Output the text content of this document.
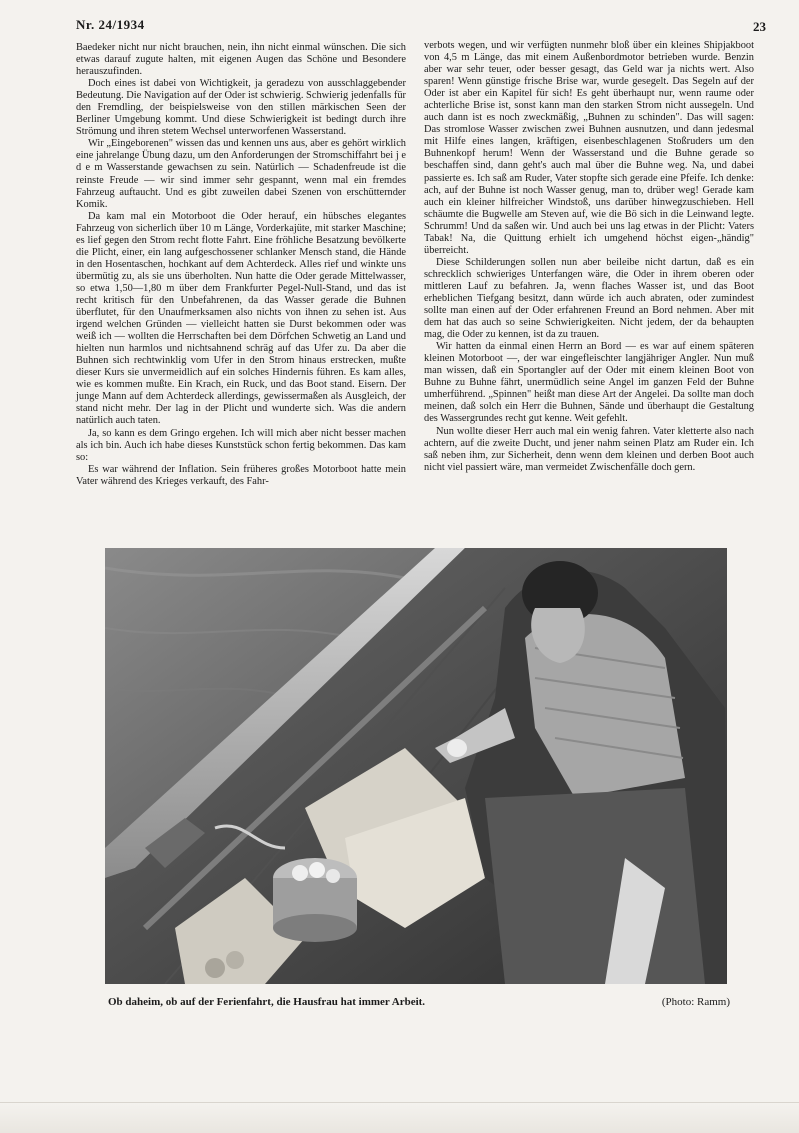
Nr. 24/1934	23

Baedeker nicht nur nicht brauchen, nein, ihn nicht einmal wünschen. Die sich etwas darauf zugute halten, mit eigenen Augen das Schöne und Besondere herauszufinden.

Doch eines ist dabei von Wichtigkeit, ja geradezu von ausschlaggebender Bedeutung. Die Navigation auf der Oder ist schwierig. Schwierig jedenfalls für den Fremdling, der beispielsweise von den stillen märkischen Seen der Berliner Umgebung kommt. Und diese Schwierigkeit ist bedingt durch ihre Strömung und ihren stetem Wechsel unterworfenen Wasserstand.

Wir „Eingeborenen" wissen das und kennen uns aus, aber es gehört wirklich eine jahrelange Übung dazu, um den Anforderungen der Stromschiffahrt bei j e d e m Wasserstande gewachsen zu sein. Natürlich — Schadenfreude ist die reinste Freude — wir sind immer sehr gespannt, wenn mal ein fremdes Fahrzeug auftaucht. Und es gibt zuweilen dabei Szenen von erschütternder Komik.

Da kam mal ein Motorboot die Oder herauf, ein hübsches elegantes Fahrzeug von sicherlich über 10 m Länge, Vorderkajüte, mit starker Maschine; es lief gegen den Strom recht flotte Fahrt. Eine fröhliche Besatzung bevölkerte die Plicht, einer, ein lang aufgeschossener schlanker Mensch stand, die Hände in den Hosentaschen, hochkant auf dem Achterdeck. Alles rief und winkte uns übermütig zu, als sie uns überholten. Nun hatte die Oder gerade Mittelwasser, so etwa 1,50—1,80 m über dem Frankfurter Pegel-Null-Stand, und das ist recht kritisch für den Unbefahrenen, da das Wasser gerade die Buhnen überflutet, für den Unaufmerksamen also nichts von ihnen zu sehen ist. Aus irgend welchen Gründen — vielleicht hatten sie Durst bekommen oder was weiß ich — wollten die Herrschaften bei dem Dörfchen Schwetig an Land und hielten nun harmlos und nichtsahnend schräg auf das Ufer zu. Da aber die Buhnen sich rechtwinklig vom Ufer in den Strom hinaus erstrecken, mußte dieser Kurs sie unvermeidlich auf ein solches Hindernis führen. Es kam alles, wie es kommen mußte. Ein Krach, ein Ruck, und das Boot stand. Eisern. Der junge Mann auf dem Achterdeck allerdings, gewissermaßen als Ausgleich, der stand nicht mehr. Der lag in der Plicht und wunderte sich. Was die andern natürlich auch taten.

Ja, so kann es dem Gringo ergehen. Ich will mich aber nicht besser machen als ich bin. Auch ich habe dieses Kunststück schon fertig bekommen. Das kam so:

Es war während der Inflation. Sein früheres großes Motorboot hatte mein Vater während des Krieges verkauft, des Fahr-

verbots wegen, und wir verfügten nunmehr bloß über ein kleines Shipjakboot von 4,5 m Länge, das mit einem Außenbordmotor betrieben wurde. Benzin aber war sehr teuer, oder besser gesagt, das Geld war ja nichts wert. Also sparen! Wenn günstige frische Brise war, wurde gesegelt. Das Segeln auf der Oder ist aber ein Kapitel für sich! Es geht überhaupt nur, wenn raume oder achterliche Brise ist, sonst kann man den starken Strom nicht aussegeln. Und auch dann ist es noch zweckmäßig, „Buhnen zu schinden". Das will sagen: Das stromlose Wasser zwischen zwei Buhnen ausnutzen, und dann jedesmal mit Hilfe eines langen, kräftigen, eisenbeschlagenen Stoßruders um den Buhnenkopf herum! Wenn der Wasserstand und die Buhne gerade so beschaffen sind, dann geht's auch mal über die Buhne weg. Na, und dabei passierte es. Ich saß am Ruder, Vater stopfte sich gerade eine Pfeife. Ich denke: ach, auf der Buhne ist noch Wasser genug, man to, drüber weg! Gerade kam auch ein kleiner hilfreicher Windstoß, uns darüber hinwegzuschieben. Hell schäumte die Bugwelle am Steven auf, wie die Bö sich in die Leinwand legte. Schrumm! Und da saßen wir. Und auch bei uns lag etwas in der Plicht: Vaters Tabak! Na, die Quittung erhielt ich umgehend höchst eigen-„händig" überreicht.

Diese Schilderungen sollen nun aber beileibe nicht dartun, daß es ein schrecklich schwieriges Unterfangen wäre, die Oder in ihrem oberen oder mittleren Lauf zu befahren. Ja, wenn flaches Wasser ist, und das Boot erheblichen Tiefgang besitzt, dann würde ich auch abraten, oder zumindest sollte man einen auf der Oder erfahrenen Freund an Bord nehmen. Aber mit dem hat das auch so seine Schwierigkeiten. Nicht jedem, der da behaupten mag, die Oder zu kennen, ist da zu trauen.

Wir hatten da einmal einen Herrn an Bord — es war auf einem späteren kleinen Motorboot —, der war eingefleischter langjähriger Angler. Nun muß man wissen, daß ein Sportangler auf der Oder mit einem kleinen Boot von Buhne zu Buhne fährt, unermüdlich seine Angel im ganzen Feld der Buhne umherführend. „Spinnen" heißt man diese Art der Angelei. Da sollte man doch meinen, daß solch ein Herr die Buhnen, Sände und überhaupt die Gestaltung des Wassergrundes recht gut kenne. Weit gefehlt.

Nun wollte dieser Herr auch mal ein wenig fahren. Vater kletterte also nach achtern, auf die zweite Ducht, und jener nahm seinen Platz am Ruder ein. Ich saß neben ihm, zur Sicherheit, denn wenn dem kleinen und derben Boot auch nicht viel passiert wäre, man vermeidet Zwischenfälle doch gern.

Ob daheim, ob auf der Ferienfahrt, die Hausfrau hat immer Arbeit.	(Photo: Ramm)
